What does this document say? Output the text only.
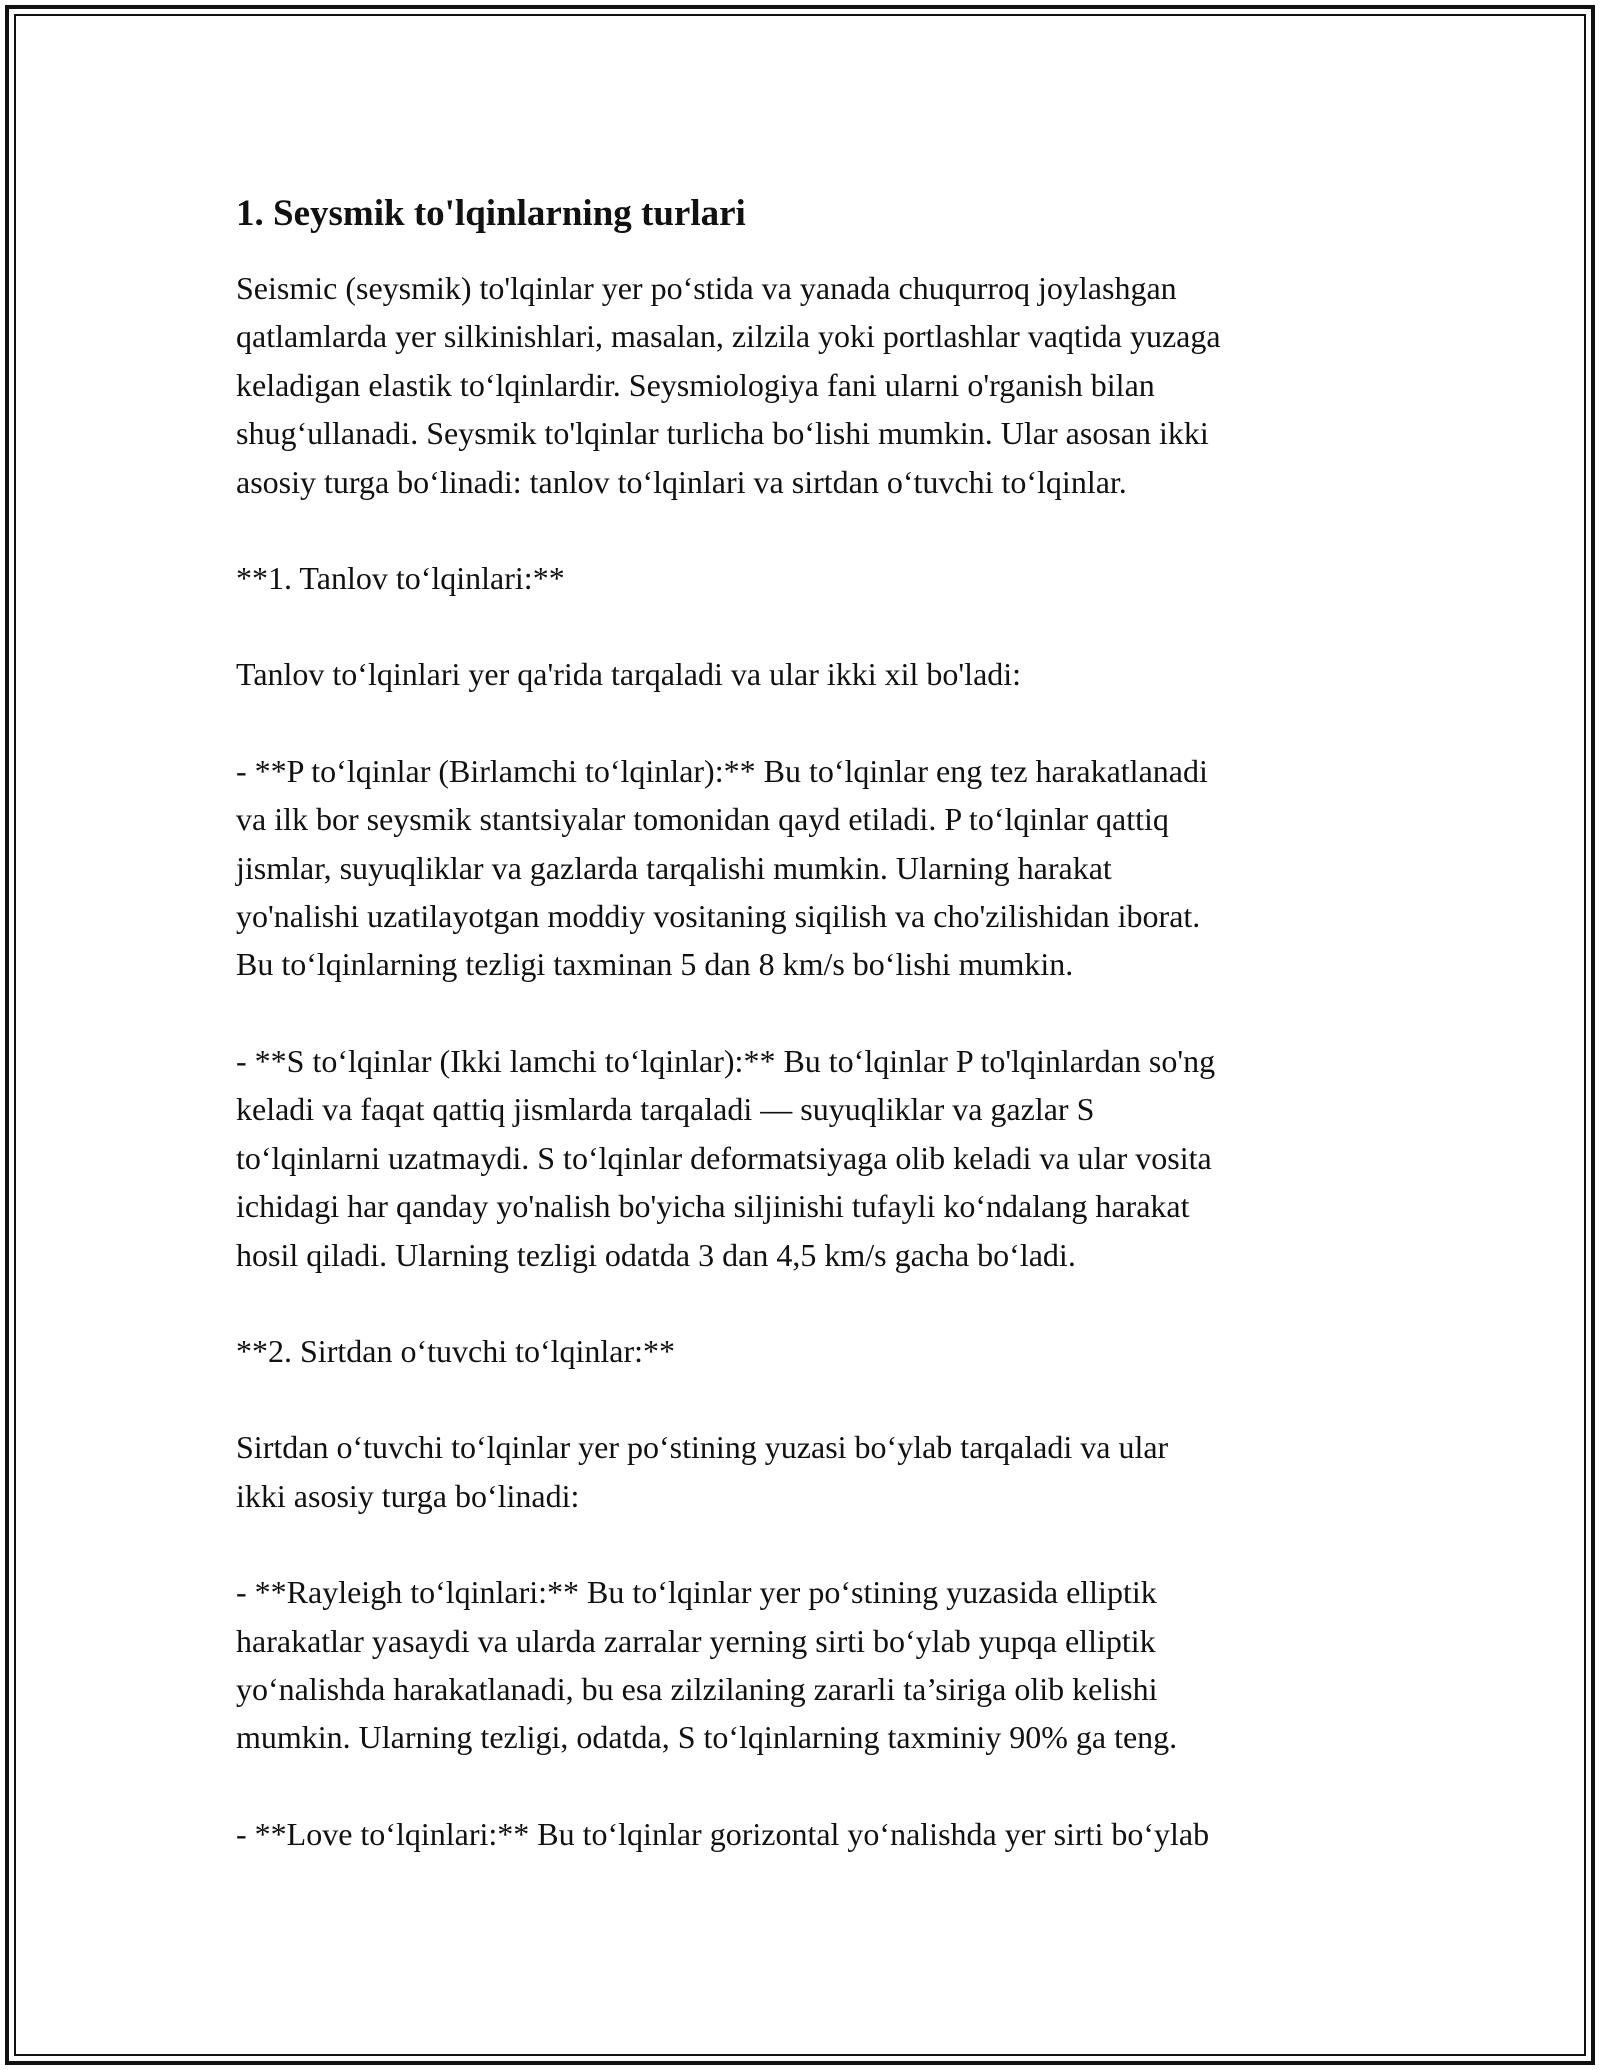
1. Seysmik to'lqinlarning turlari

Seismic (seysmik) to'lqinlar yer po‘stida va yanada chuqurroq joylashgan
qatlamlarda yer silkinishlari, masalan, zilzila yoki portlashlar vaqtida yuzaga
keladigan elastik to‘lqinlardir. Seysmiologiya fani ularni o'rganish bilan
shug‘ullanadi. Seysmik to'lqinlar turlicha bo‘lishi mumkin. Ular asosan ikki
asosiy turga bo‘linadi: tanlov to‘lqinlari va sirtdan o‘tuvchi to‘lqinlar.

**1. Tanlov to‘lqinlari:**

Tanlov to‘lqinlari yer qa'rida tarqaladi va ular ikki xil bo'ladi:

- **P to‘lqinlar (Birlamchi to‘lqinlar):** Bu to‘lqinlar eng tez harakatlanadi
va ilk bor seysmik stantsiyalar tomonidan qayd etiladi. P to‘lqinlar qattiq
jismlar, suyuqliklar va gazlarda tarqalishi mumkin. Ularning harakat
yo'nalishi uzatilayotgan moddiy vositaning siqilish va cho'zilishidan iborat.
Bu to‘lqinlarning tezligi taxminan 5 dan 8 km/s bo‘lishi mumkin.

- **S to‘lqinlar (Ikki lamchi to‘lqinlar):** Bu to‘lqinlar P to'lqinlardan so'ng
keladi va faqat qattiq jismlarda tarqaladi — suyuqliklar va gazlar S
to‘lqinlarni uzatmaydi. S to‘lqinlar deformatsiyaga olib keladi va ular vosita
ichidagi har qanday yo'nalish bo'yicha siljinishi tufayli ko‘ndalang harakat
hosil qiladi. Ularning tezligi odatda 3 dan 4,5 km/s gacha bo‘ladi.

**2. Sirtdan o‘tuvchi to‘lqinlar:**

Sirtdan o‘tuvchi to‘lqinlar yer po‘stining yuzasi bo‘ylab tarqaladi va ular
ikki asosiy turga bo‘linadi:

- **Rayleigh to‘lqinlari:** Bu to‘lqinlar yer po‘stining yuzasida elliptik
harakatlar yasaydi va ularda zarralar yerning sirti bo‘ylab yupqa elliptik
yo‘nalishda harakatlanadi, bu esa zilzilaning zararli ta’siriga olib kelishi
mumkin. Ularning tezligi, odatda, S to‘lqinlarning taxminiy 90% ga teng.

- **Love to‘lqinlari:** Bu to‘lqinlar gorizontal yo‘nalishda yer sirti bo‘ylab
